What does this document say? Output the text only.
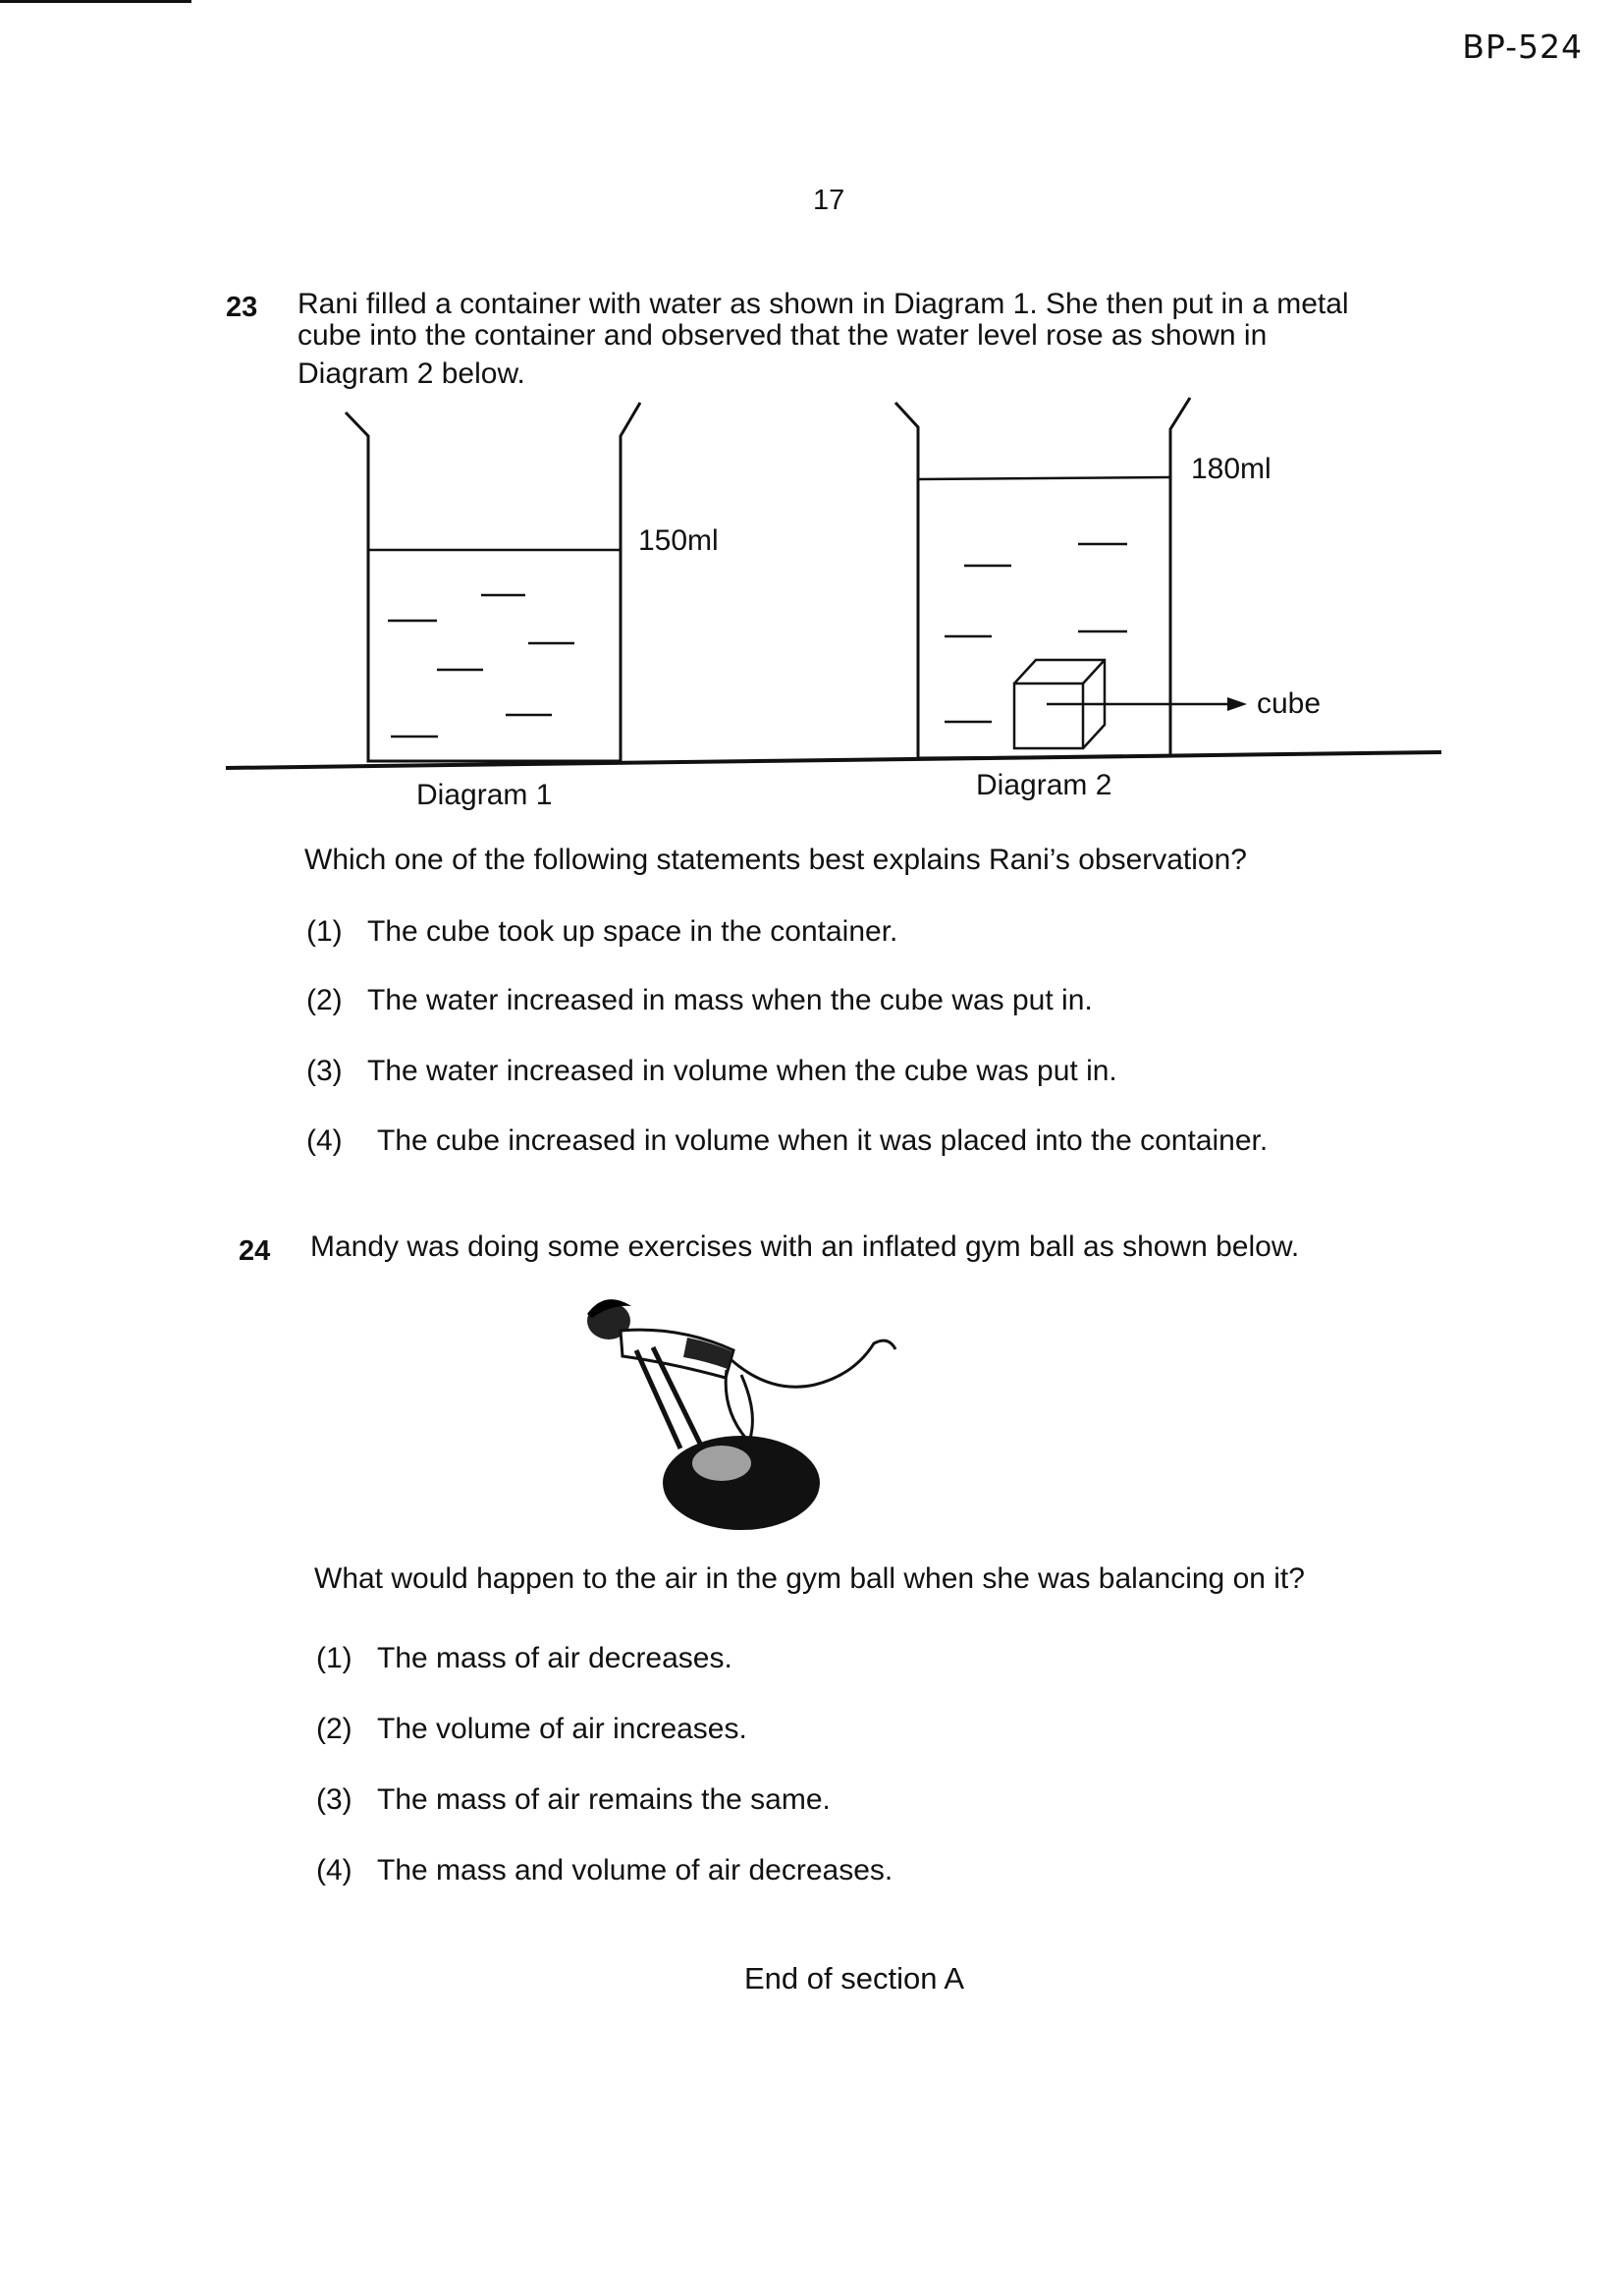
BP-524
17
23 Rani filled a container with water as shown in Diagram 1. She then put in a metal
cube into the container and observed that the water level rose as shown in
Diagram 2 below.
150ml
180ml
cube
Diagram 1	Diagram 2
Which one of the following statements best explains Rani’s observation?
(1) The cube took up space in the container.
(2) The water increased in mass when the cube was put in.
(3) The water increased in volume when the cube was put in.
(4) The cube increased in volume when it was placed into the container.
24 Mandy was doing some exercises with an inflated gym ball as shown below.
What would happen to the air in the gym ball when she was balancing on it?
(1) The mass of air decreases.
(2) The volume of air increases.
(3) The mass of air remains the same.
(4) The mass and volume of air decreases.
End of section A
